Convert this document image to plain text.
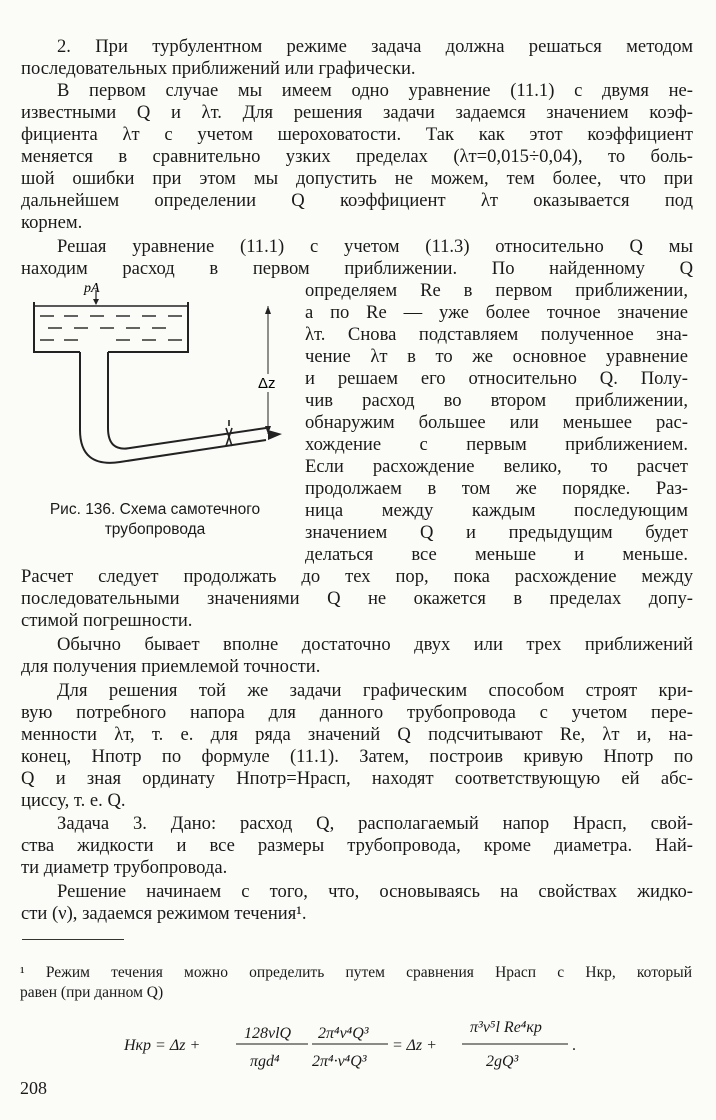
2. При турбулентном режиме задача должна решаться методом
последовательных приближений или графически.
В первом случае мы имеем одно уравнение (11.1) с двумя не-
известными Q и λт. Для решения задачи задаемся значением коэф-
фициента λт с учетом шероховатости. Так как этот коэффициент
меняется в сравнительно узких пределах (λт=0,015÷0,04), то боль-
шой ошибки при этом мы допустить не можем, тем более, что при
дальнейшем определении Q коэффициент λт оказывается под
корнем.
Решая уравнение (11.1) с учетом (11.3) относительно Q мы
находим расход в первом приближении. По найденному Q
определяем Re в первом приближении,
а по Re — уже более точное значение
λт. Снова подставляем полученное зна-
чение λт в то же основное уравнение
и решаем его относительно Q. Полу-
чив расход во втором приближении,
обнаружим большее или меньшее рас-
хождение с первым приближением.
Если расхождение велико, то расчет
продолжаем в том же порядке. Раз-
ница между каждым последующим
значением Q и предыдущим будет
делаться все меньше и меньше.
Расчет следует продолжать до тех пор, пока расхождение между
последовательными значениями Q не окажется в пределах допу-
стимой погрешности.
Обычно бывает вполне достаточно двух или трех приближений
для получения приемлемой точности.
Для решения той же задачи графическим способом строят кри-
вую потребного напора для данного трубопровода с учетом пере-
менности λт, т. е. для ряда значений Q подсчитывают Re, λт и, на-
конец, Hпотр по формуле (11.1). Затем, построив кривую Hпотр по
Q и зная ординату Hпотр=Hрасп, находят соответствующую ей абс-
циссу, т. е. Q.
Задача 3. Дано: расход Q, располагаемый напор Hрасп, свой-
ства жидкости и все размеры трубопровода, кроме диаметра. Най-
ти диаметр трубопровода.
Решение начинаем с того, что, основываясь на свойствах жидко-
сти (ν), задаемся режимом течения¹.
pA
Δz
Рис. 136. Схема самотечного
трубопровода
¹ Режим течения можно определить путем сравнения Hрасп с Hкр, который
равен (при данном Q)
Hкр = Δz +
128νlQ
πgd⁴
2π⁴ν⁴Q³
2π⁴·ν⁴Q³
= Δz +
π³ν⁵l Re⁴кр
2gQ³
.
208
